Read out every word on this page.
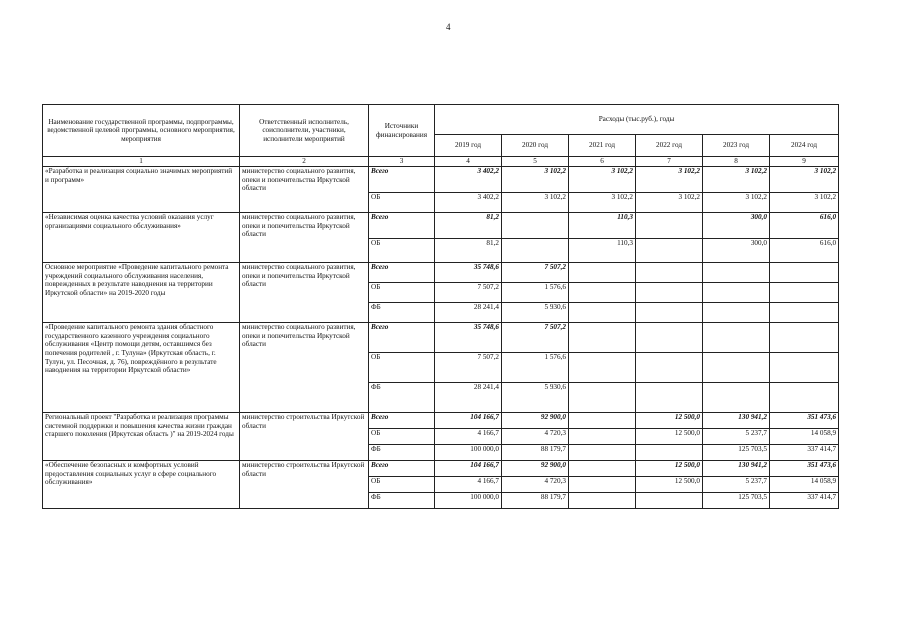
4
Наименование государственной программы, подпрограммы, ведомственной целевой программы, основного мероприятия, мероприятия	Ответственный исполнитель, соисполнители, участники, исполнители мероприятий	Источники финансирования	Расходы (тыс.руб.), годы					
			2019 год	2020 год	2021 год	2022 год	2023 год	2024 год
1	2	3	4	5	6	7	8	9
«Разработка и реализация социально значимых мероприятий и программ»	министерство социального развития, опеки и попечительства Иркутской области	Всего	3 402,2	3 102,2	3 102,2	3 102,2	3 102,2	3 102,2
		ОБ	3 402,2	3 102,2	3 102,2	3 102,2	3 102,2	3 102,2
«Независимая оценка качества условий оказания услуг организациями социального обслуживания»	министерство социального развития, опеки и попечительства Иркутской области	Всего	81,2		110,3		300,0	616,0
		ОБ	81,2		110,3		300,0	616,0
Основное мероприятие «Проведение капитального ремонта учреждений социального обслуживания населения, поврежденных в результате наводнения на территории Иркутской области» на 2019-2020 годы	министерство социального развития, опеки и попечительства Иркутской области	Всего	35 748,6	7 507,2				
		ОБ	7 507,2	1 576,6				
		ФБ	28 241,4	5 930,6				
«Проведение капитального ремонта здания областного государственного казенного учреждения социального обслуживания «Центр помощи детям, оставшимся без попечения родителей , г. Тулуна» (Иркутская область, г. Тулун, ул. Песочная, д. 76), повреждённого в результате наводнения на территории Иркутской области»	министерство социального развития, опеки и попечительства Иркутской области	Всего	35 748,6	7 507,2				
		ОБ	7 507,2	1 576,6				
		ФБ	28 241,4	5 930,6				
Региональный проект "Разработка и реализация программы системной поддержки и повышения качества жизни граждан старшего поколения (Иркутская область )" на 2019-2024 годы	министерство строительства Иркутской области	Всего	104 166,7	92 900,0		12 500,0	130 941,2	351 473,6
		ОБ	4 166,7	4 720,3		12 500,0	5 237,7	14 058,9
		ФБ	100 000,0	88 179,7			125 703,5	337 414,7
«Обеспечение безопасных и комфортных условий предоставления социальных услуг в сфере социального обслуживания»	министерство строительства Иркутской области	Всего	104 166,7	92 900,0		12 500,0	130 941,2	351 473,6
		ОБ	4 166,7	4 720,3		12 500,0	5 237,7	14 058,9
		ФБ	100 000,0	88 179,7			125 703,5	337 414,7
